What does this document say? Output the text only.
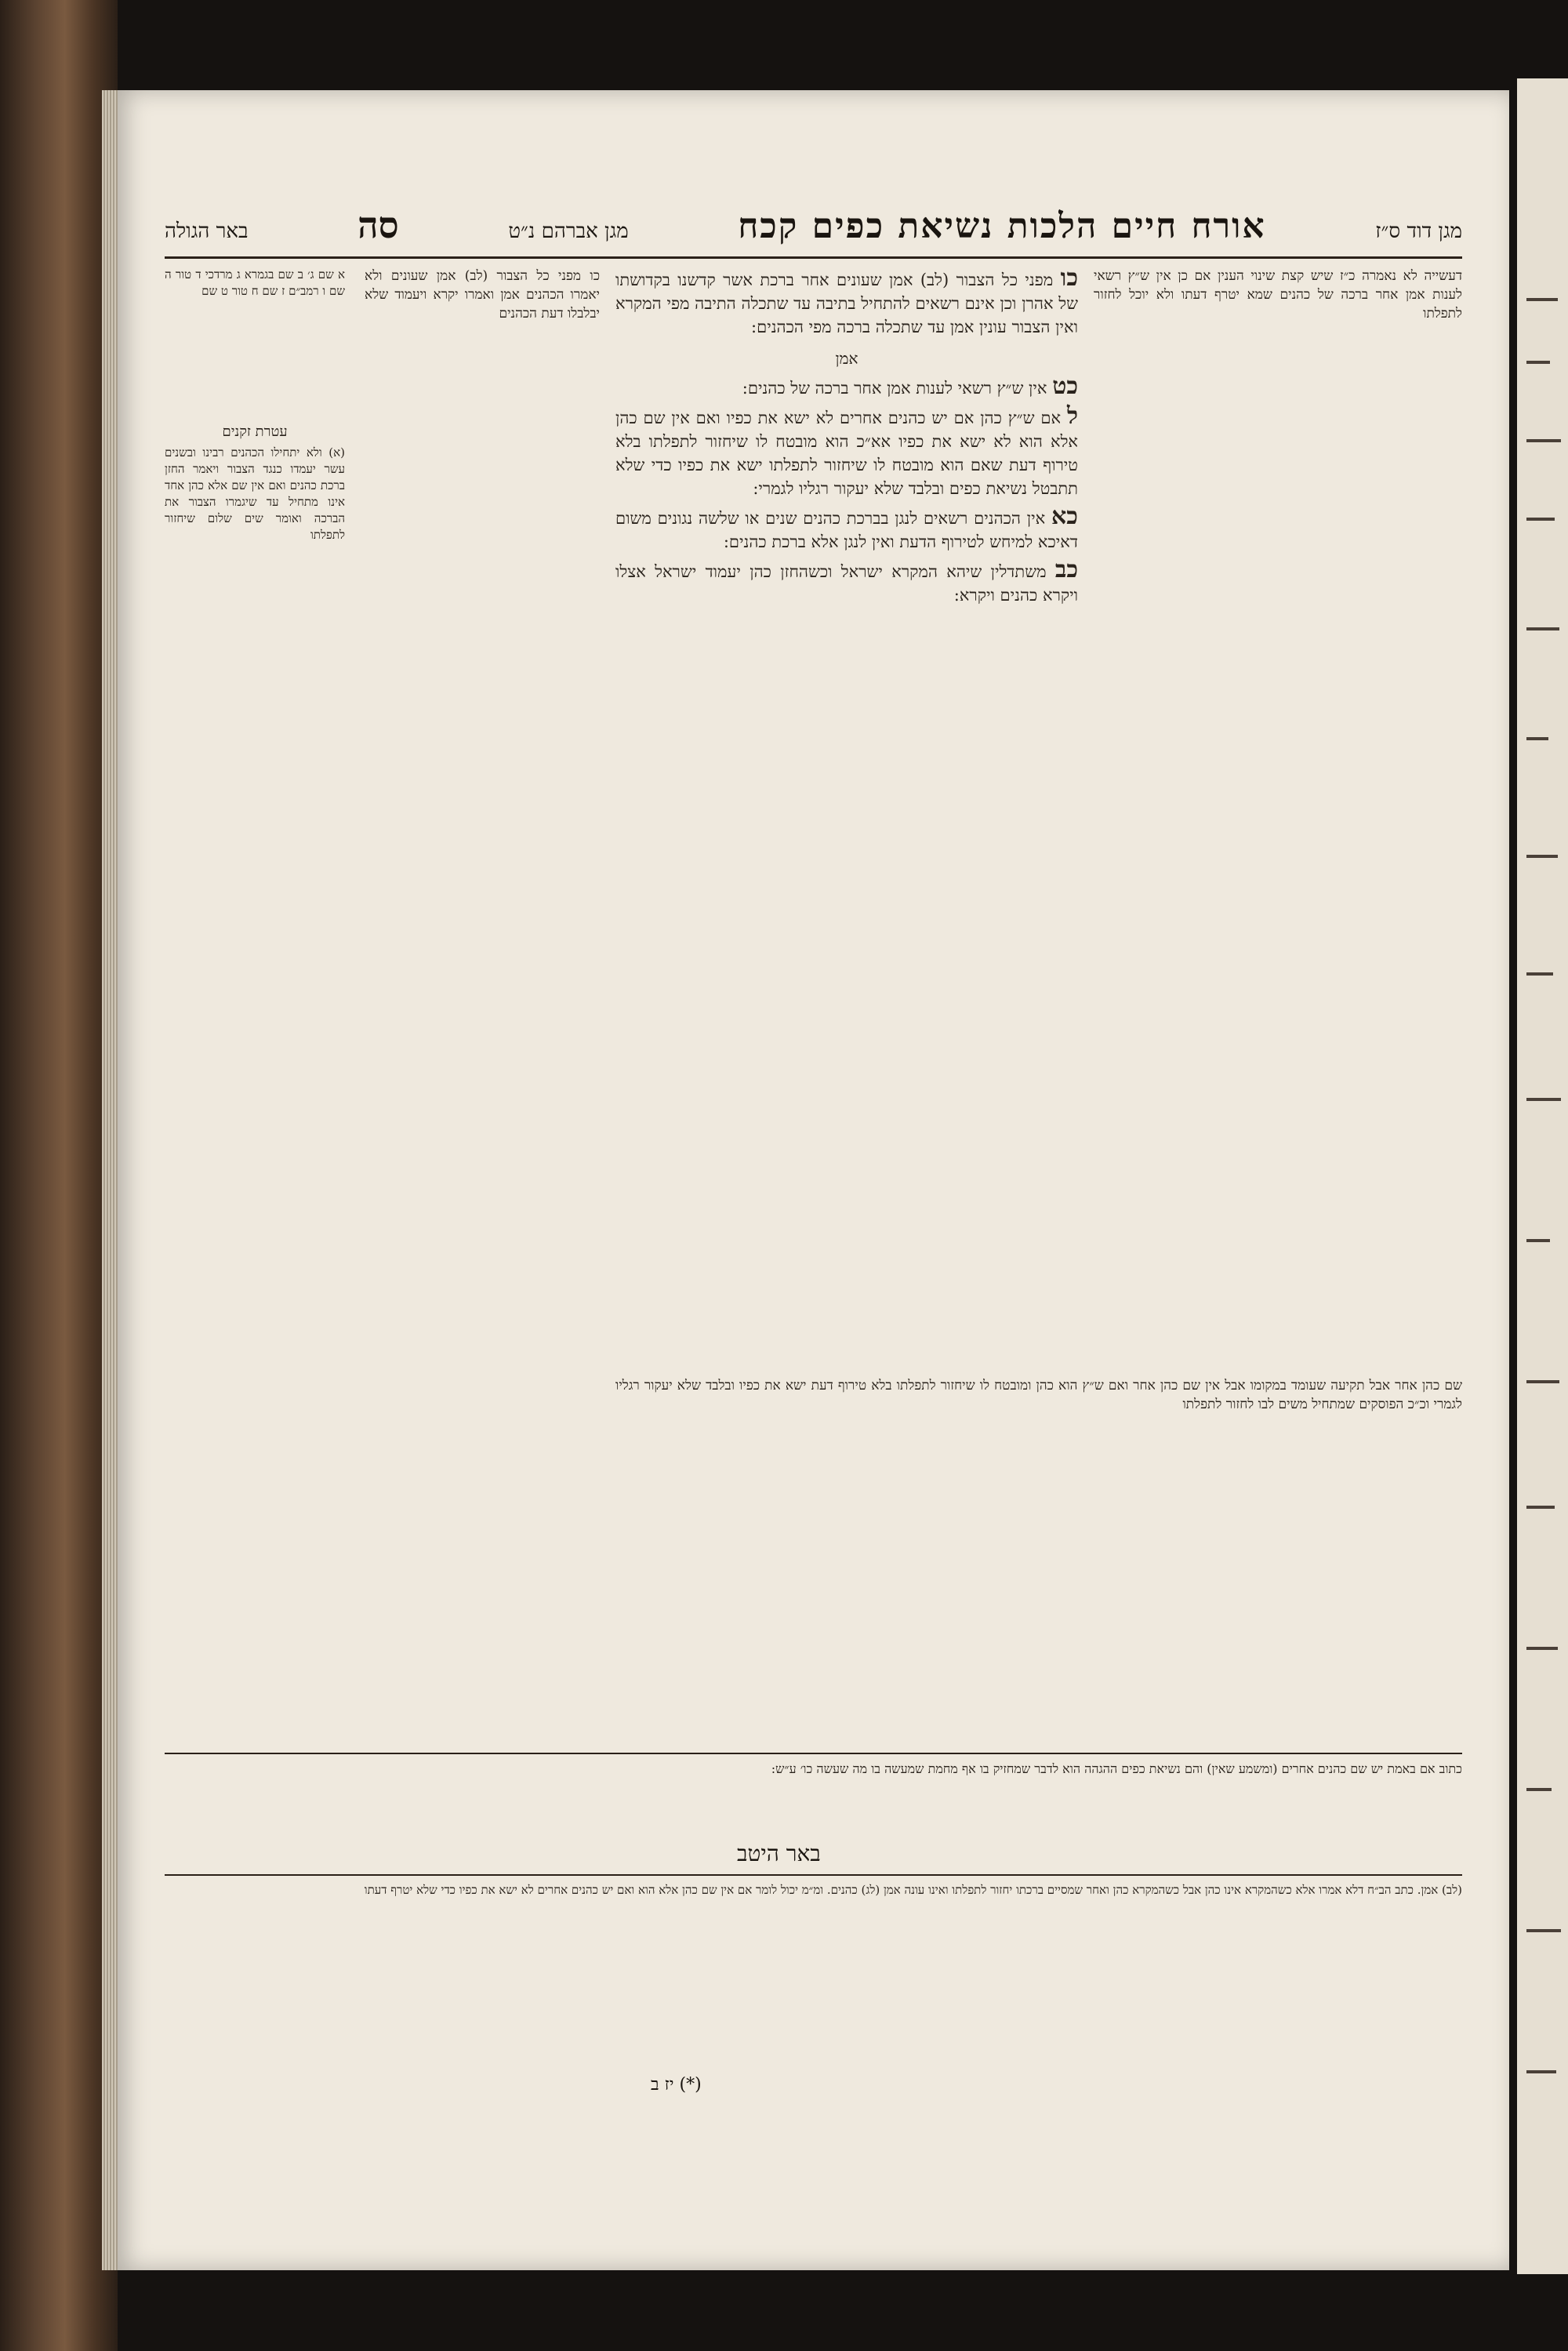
מגן דוד ס״ז
אורח חיים הלכות נשיאת כפים קכח
מגן אברהם נ״ט
סה
באר הגולה

דעשייה לא נאמרה כ״ז שיש קצת שינוי הענין אם כן אין ש״ץ רשאי לענות אמן אחר ברכה של כהנים שמא יטרף דעתו ולא יוכל לחזור לתפלתו

כו מפני כל הצבור (לב) אמן שעונים אחר ברכת אשר קדשנו בקדושתו של אהרן וכן אינם רשאים להתחיל בתיבה עד שתכלה התיבה מפי המקרא ואין הצבור עונין אמן עד שתכלה ברכה מפי הכהנים:

אמן

כט אין ש״ץ רשאי לענות אמן אחר ברכה של כהנים:

ל אם ש״ץ כהן אם יש כהנים אחרים לא ישא את כפיו ואם אין שם כהן אלא הוא לא ישא את כפיו אא״כ הוא מובטח לו שיחזור לתפלתו בלא טירוף דעת שאם הוא מובטח לו שיחזור לתפלתו ישא את כפיו כדי שלא תתבטל נשיאת כפים ובלבד שלא יעקור רגליו לגמרי:

כא אין הכהנים רשאים לנגן בברכת כהנים שנים או שלשה נגונים משום דאיכא למיחש לטירוף הדעת ואין לנגן אלא ברכת כהנים:

כב משתדלין שיהא המקרא ישראל וכשהחזן כהן יעמוד ישראל אצלו ויקרא כהנים ויקרא:

כו מפני כל הצבור (לב) אמן שעונים ולא יאמרו הכהנים אמן ואמרו יקרא ויעמוד שלא יבלבלו דעת הכהנים

שם כהן אחר אבל תקיעה שעומד במקומו אבל אין שם כהן אחר ואם ש״ץ הוא כהן ומובטח לו שיחזור לתפלתו בלא טירוף דעת ישא את כפיו ובלבד שלא יעקור רגליו לגמרי וכ״כ הפוסקים שמתחיל משים לבו לחזור לתפלתו

א שם ג׳ ב שם בגמרא ג מרדכי ד טור ה שם ו רמב״ם ז שם ח טור ט שם

עטרת זקנים

(א) ולא יתחילו הכהנים רבינו ובשנים עשר יעמדו כנגד הצבור ויאמר החזן ברכת כהנים ואם אין שם אלא כהן אחד אינו מתחיל עד שיגמרו הצבור את הברכה ואומר שים שלום שיחזור לתפלתו

כתוב אם באמת יש שם כהנים אחרים (ומשמע שאין) והם נשיאת כפים ההגהה הוא לדבר שמחזיק בו אף מחמת שמעשה בו מה שעשה כו׳ ע״ש:

באר היטב

(לב) אמן. כתב הב״ח דלא אמרו אלא כשהמקרא אינו כהן אבל כשהמקרא כהן ואחר שמסיים ברכתו יחזור לתפלתו ואינו עונה אמן (לג) כהנים. ומ״מ יכול לומר אם אין שם כהן אלא הוא ואם יש כהנים אחרים לא ישא את כפיו כדי שלא יטרף דעתו

(*) יז ב
